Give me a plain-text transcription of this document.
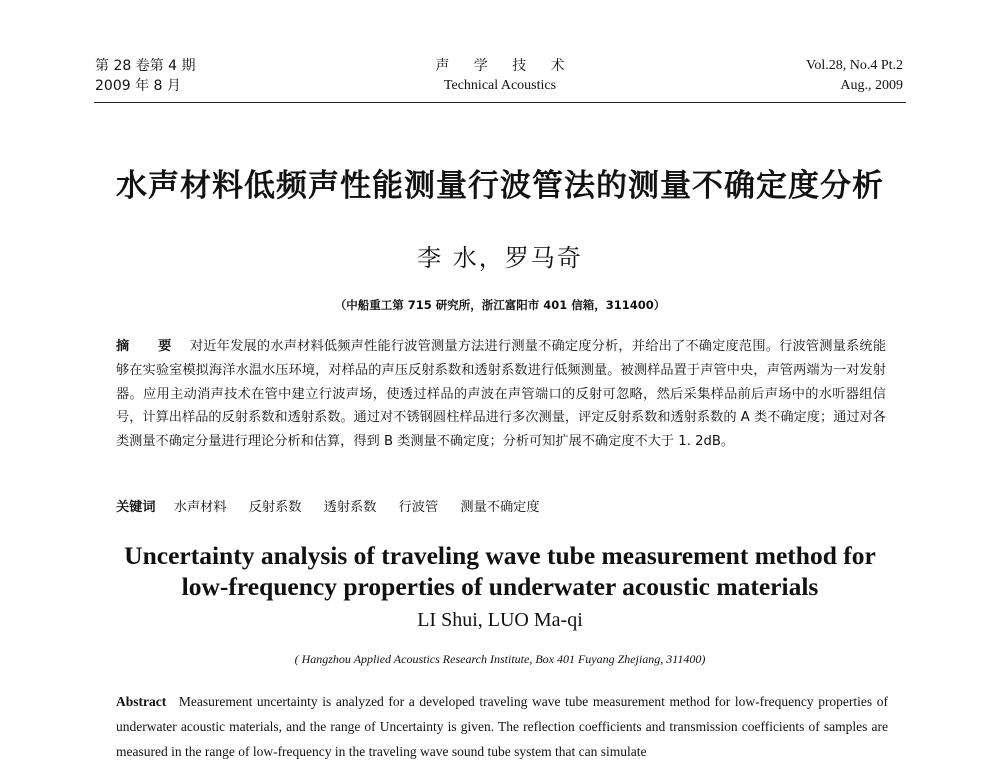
第 28 卷第 4 期
2009 年 8 月
声 学 技 术
Technical Acoustics
Vol.28, No.4 Pt.2
Aug., 2009
水声材料低频声性能测量行波管法的测量不确定度分析
李 水，罗马奇
（中船重工第 715 研究所，浙江富阳市 401 信箱，311400）
摘 要 对近年发展的水声材料低频声性能行波管测量方法进行测量不确定度分析，并给出了不确定度范围。行波管测量系统能够在实验室模拟海洋水温水压环境，对样品的声压反射系数和透射系数进行低频测量。被测样品置于声管中央，声管两端为一对发射器。应用主动消声技术在管中建立行波声场，使透过样品的声波在声管端口的反射可忽略，然后采集样品前后声场中的水听器组信号，计算出样品的反射系数和透射系数。通过对不锈钢圆柱样品进行多次测量，评定反射系数和透射系数的 A 类不确定度；通过对各类测量不确定分量进行理论分析和估算，得到 B 类测量不确定度；分析可知扩展不确定度不大于 1. 2dB。
关键词 水声材料 反射系数 透射系数 行波管 测量不确定度
Uncertainty analysis of traveling wave tube measurement method for
low-frequency properties of underwater acoustic materials
LI Shui, LUO Ma-qi
( Hangzhou Applied Acoustics Research Institute, Box 401 Fuyang Zhejiang, 311400)
Abstract Measurement uncertainty is analyzed for a developed traveling wave tube measurement method for low-frequency properties of underwater acoustic materials, and the range of Uncertainty is given. The reflection coefficients and transmission coefficients of samples are measured in the range of low-frequency in the traveling wave sound tube system that can simulate
